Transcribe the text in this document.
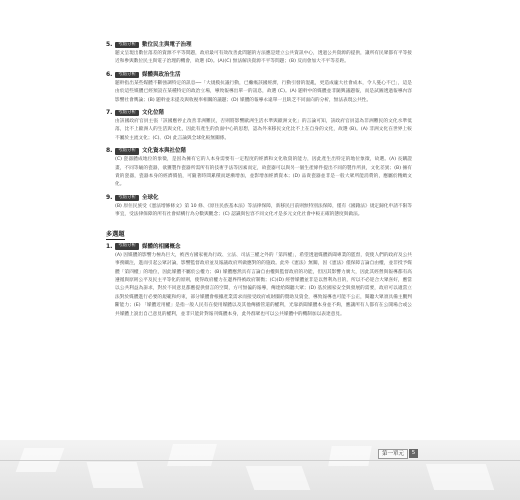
5.	考點分析	數位民主與電子治理
題文呈現出數位落差的資源不平等問題，政府最可有效改善此問題的方法應是建立公共資訊中心，透過公共資源的提供，讓所有民眾都有平等接近和參與數位民主與電子治理的機會，故選 (D)。(A)(C) 無法解決資源不平等問題；(B) 反而會加大不平等差距。
6.	考點分析	媒體與政治生活
題幹指出某些媒體不斷強調特定的訊息──「大規模抗議行動，已癱瘓該國經濟，行動引發的混亂，更造成龐大社會成本，令人憂心不已」，這是由於這些媒體已經預設在某種特定的政治立場，導致報導出單一的訊息，故選 (C)。(A) 題幹中的媒體並非隨興議題報，而是試圖透過報導內容影響社會輿論；(B) 題幹並未提及與收視率相關的議題；(D) 媒體的報導永遠單一且缺乏不同面向的分析，無法表現公共性。
7.	考點分析	文化位階
由該國政府官員主張「該國應停止改善非洲難民，否則將影響歐洲生活水準與歐洲文化」的言論可知，該政府官員認為非洲難民的文化水準低落，比不上歐洲人的生活與文化，因此有產生的負面中心的思想，認為外來移民文化比不上在自身的文化，故選 (B)。(A) 非洲文化在世界上較不屬於主流文化；(C)、(D) 此言論與全球化較無關係。
8.	考點分析	文化資本與社位階
(C) 瓷器體成地位的象徵，是因為擁有它的人本身需要有一定程度的經濟和文化收資的能力，因此產生出特定的地位象徵，故選。(A) 長購證畫，不同等級的瓷器，欲獲製作瓷器所需所有的技術手法等因素而定，故瓷器可以與另一個生產條件提出不同的製作所員，文化差異；(B) 擁有貴的瓷器，瓷器本身的經濟價值，可隨著時間累積而逐漸增加，並影增加經濟資本；(D) 品貴瓷器並非是一般大眾所能消費的，應屬於精緻文化。
9.	考點分析	全球化
(B) 原住民族受《憲法增修條文》第 10 條、《原住民族基本法》等法律保障，新移民目前則無特別法保障，僅有《國籍法》規定歸化申請不限等事宜，受法律保障的所有社會結構行為分數與觀念；(C) 認識與包容不同文化才是多元文化社會中較正確的態度與做法。
多選題
1.	考點分析	媒體的相關概念
(A) 因媒體的影響力極為巨大，被西方國家視為行政、立法、司法三權之外的「第四權」，希望透過媒體新聞專業的監督，促使人們的政府及公共事務關注，進而引起公眾討論，影響監督政府並及報議政府所做應對的的施政。此外《憲法》無關，因《憲法》僅保障言論自由權，並非授予媒體「第四權」的地位，因此媒體不屬於公權力；(B) 媒體應然具有言論自由權與監督政府的功能，但因其影響力廣大，因此其經營與報導都有高遵循與原則公平及民主平等化的原則，使得政府權力在邊界得被政府制衡；(C)(D) 經營媒體並非是以營利為目的，所以不必迎合大眾喜好，應當以公共利益為訴求，對於不同意見都應提供發言的空間，方可無偏的報導，傳達給閱聽大眾；(D) 基於國家安全與發展的需要，政府可以適當立法對於媒體進行必要的規範和約束，部分媒體會根據產業需求而接受政府或財團的贊助及資金，導致報導也可能不公正，閱聽大眾須具備主觀判斷能力；(E) 「媒體近用權」是指一般人民有在使用媒體以及其他傳播管道的權利，光靠新聞媒體本身並不夠，應讓所有人都有在公開場合或公共媒體上說出自己意見的權利，並非只能針對報刊媒體本身，此外群眾也可以公共媒體中的機制加以表達意見。
第一單元	5
